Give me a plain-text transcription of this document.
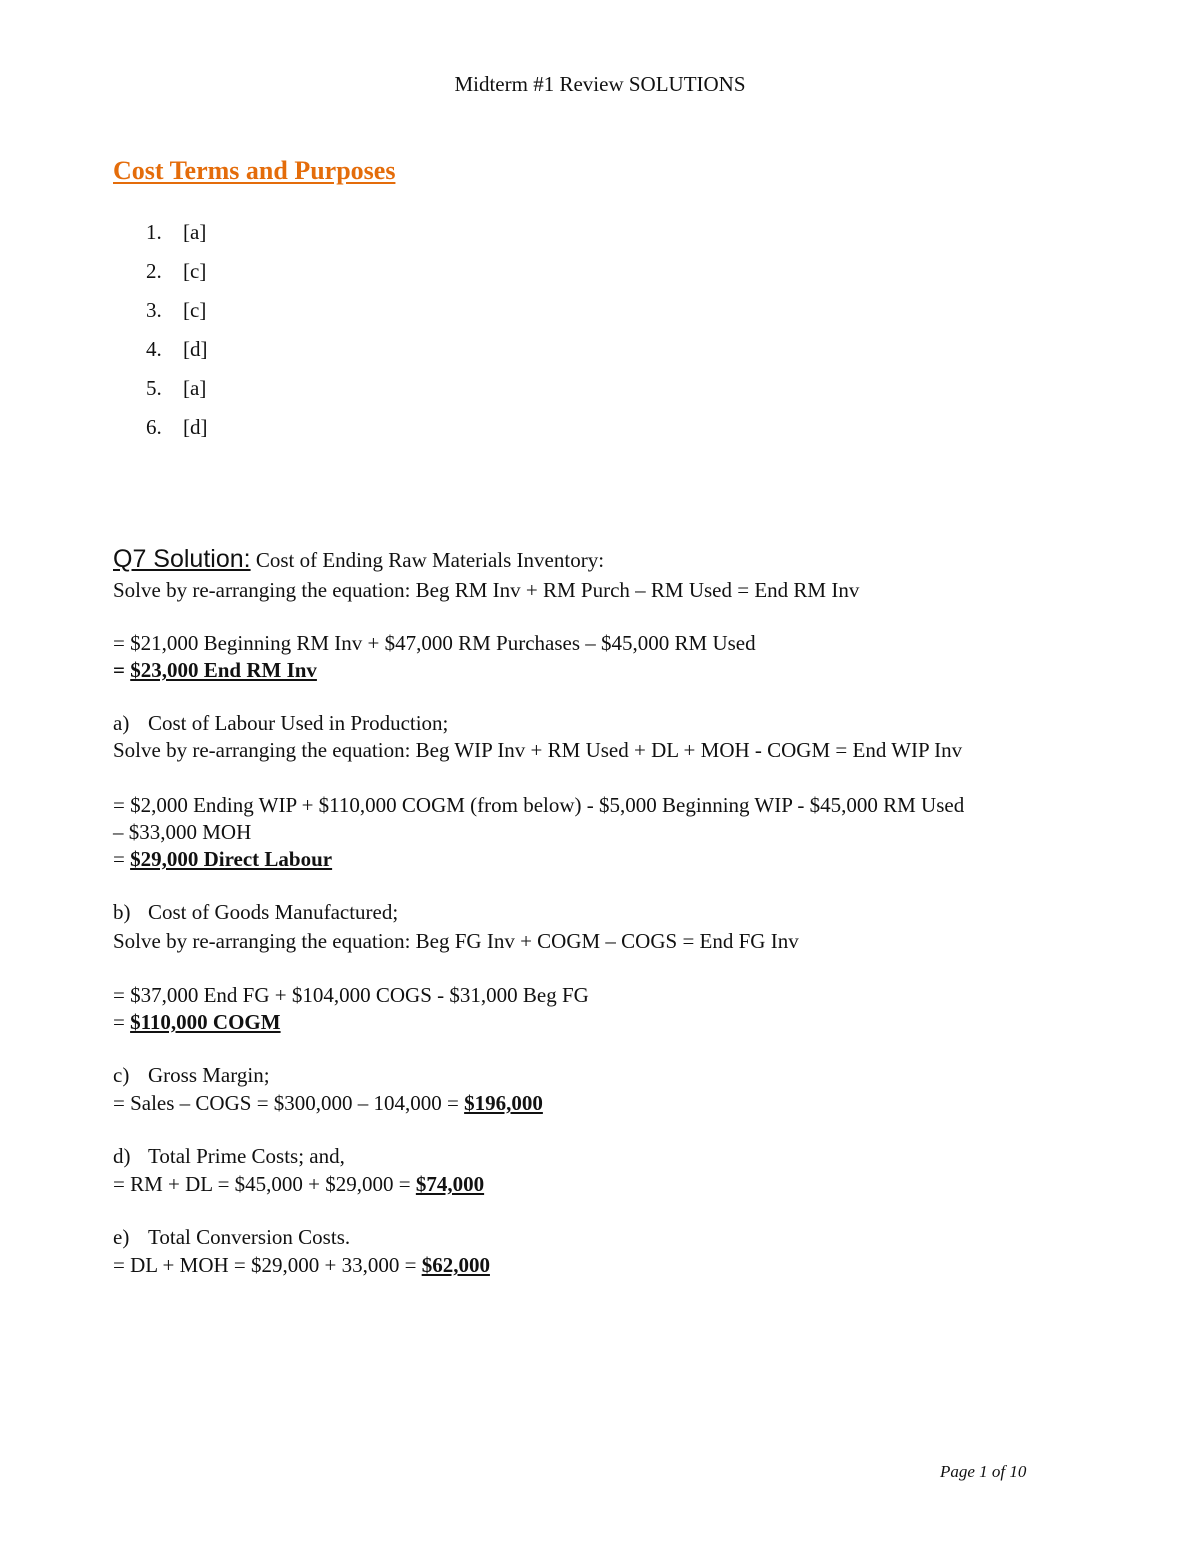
Midterm #1 Review SOLUTIONS
Cost Terms and Purposes
1. [a]
2. [c]
3. [c]
4. [d]
5. [a]
6. [d]
Q7 Solution: Cost of Ending Raw Materials Inventory:
Solve by re-arranging the equation: Beg RM Inv + RM Purch – RM Used = End RM Inv
= $21,000 Beginning RM Inv + $47,000 RM Purchases – $45,000 RM Used
= $23,000 End RM Inv
a) Cost of Labour Used in Production;
Solve by re-arranging the equation: Beg WIP Inv + RM Used + DL + MOH - COGM = End WIP Inv
= $2,000 Ending WIP + $110,000 COGM (from below) - $5,000 Beginning WIP - $45,000 RM Used
– $33,000 MOH
= $29,000 Direct Labour
b) Cost of Goods Manufactured;
Solve by re-arranging the equation: Beg FG Inv + COGM – COGS = End FG Inv
= $37,000 End FG + $104,000 COGS - $31,000 Beg FG
= $110,000 COGM
c) Gross Margin;
= Sales – COGS = $300,000 – 104,000 = $196,000
d) Total Prime Costs; and,
= RM + DL = $45,000 + $29,000 = $74,000
e) Total Conversion Costs.
= DL + MOH = $29,000 + 33,000 = $62,000
Page 1 of 10
